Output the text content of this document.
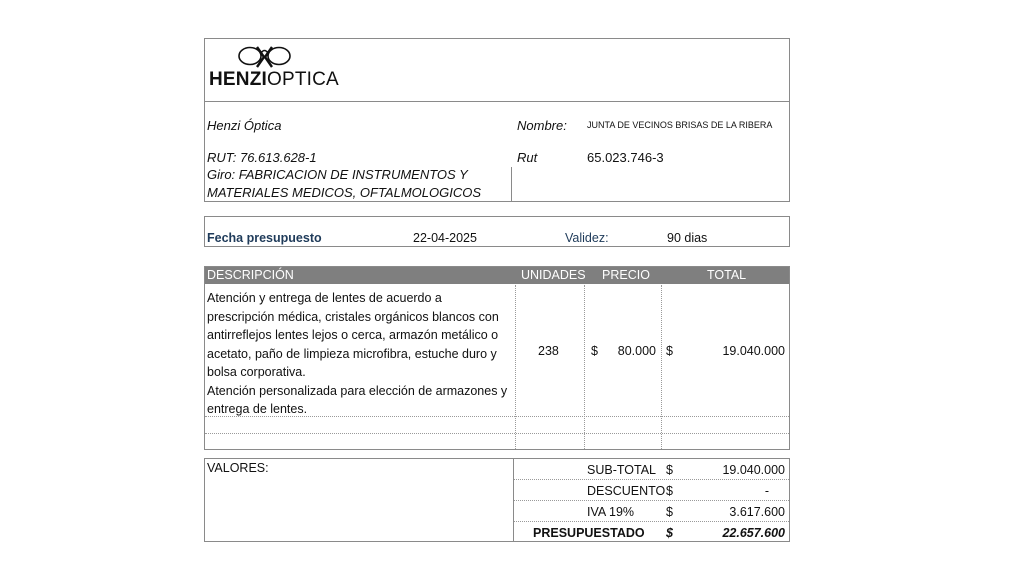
HENZIOPTICA
Henzi Óptica
RUT: 76.613.628-1
Giro: FABRICACION DE INSTRUMENTOS Y
MATERIALES MEDICOS, OFTALMOLOGICOS
Nombre: JUNTA DE VECINOS BRISAS DE LA RIBERA
Rut	65.023.746-3
Fecha presupuesto	22-04-2025	Validez:	90 dias
DESCRIPCIÓN	UNIDADES PRECIO	TOTAL
Atención y entrega de lentes de acuerdo a
prescripción médica, cristales orgánicos blancos con
antirreflejos lentes lejos o cerca, armazón metálico o
acetato, paño de limpieza microfibra, estuche duro y
bolsa corporativa.
Atención personalizada para elección de armazones y
entrega de lentes.
238	$ 80.000 $	19.040.000
VALORES:	SUB-TOTAL $	19.040.000
DESCUENTO $	-
IVA 19%	$	3.617.600
PRESUPUESTADO $	22.657.600
